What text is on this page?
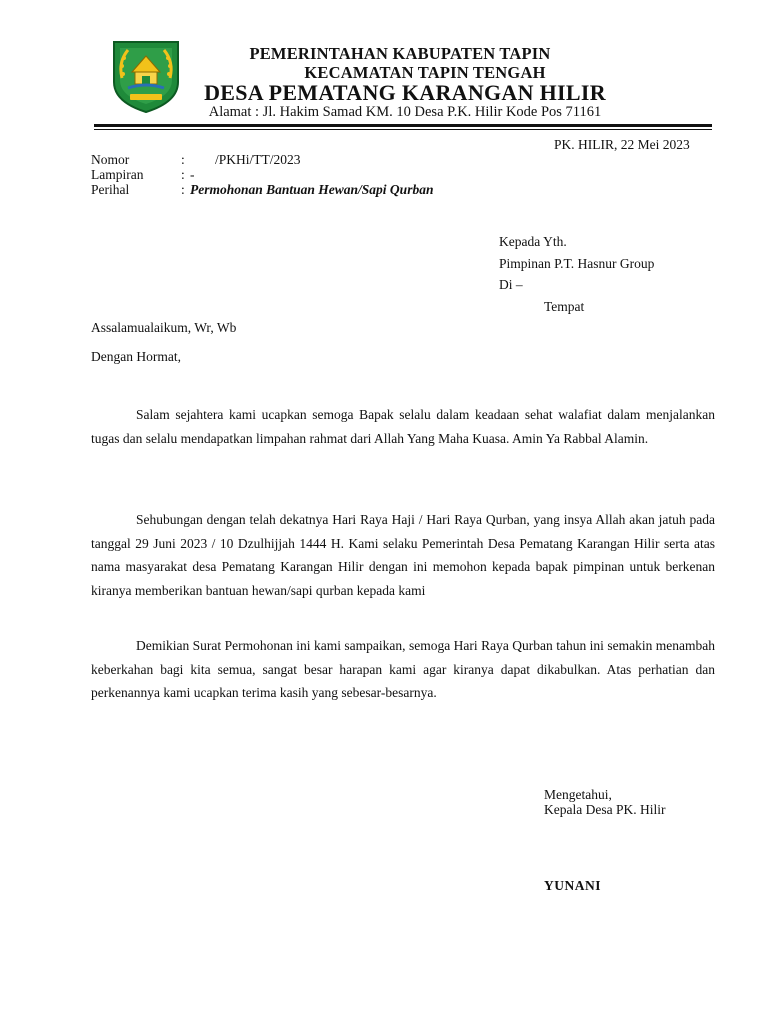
PEMERINTAHAN KABUPATEN TAPIN
KECAMATAN TAPIN TENGAH
DESA PEMATANG KARANGAN HILIR
Alamat : Jl. Hakim Samad KM. 10 Desa P.K. Hilir Kode Pos 71161
PK. HILIR, 22 Mei 2023
Nomor	: /PKHi/TT/2023
Lampiran	: -
Perihal	: Permohonan Bantuan Hewan/Sapi Qurban
Kepada Yth.
Pimpinan P.T. Hasnur Group
Di –
Tempat
Assalamualaikum, Wr, Wb
Dengan Hormat,
Salam sejahtera kami ucapkan semoga Bapak selalu dalam keadaan sehat walafiat dalam menjalankan tugas dan selalu mendapatkan limpahan rahmat dari Allah Yang Maha Kuasa. Amin Ya Rabbal Alamin.
Sehubungan dengan telah dekatnya Hari Raya Haji / Hari Raya Qurban, yang insya Allah akan jatuh pada tanggal 29 Juni 2023 / 10 Dzulhijjah 1444 H. Kami selaku Pemerintah Desa Pematang Karangan Hilir serta atas nama masyarakat desa Pematang Karangan Hilir dengan ini memohon kepada bapak pimpinan untuk berkenan kiranya memberikan bantuan hewan/sapi qurban kepada kami
Demikian Surat Permohonan ini kami sampaikan, semoga Hari Raya Qurban tahun ini semakin menambah keberkahan bagi kita semua, sangat besar harapan kami agar kiranya dapat dikabulkan. Atas perhatian dan perkenannya kami ucapkan terima kasih yang sebesar-besarnya.
Mengetahui,
Kepala Desa PK. Hilir
YUNANI
